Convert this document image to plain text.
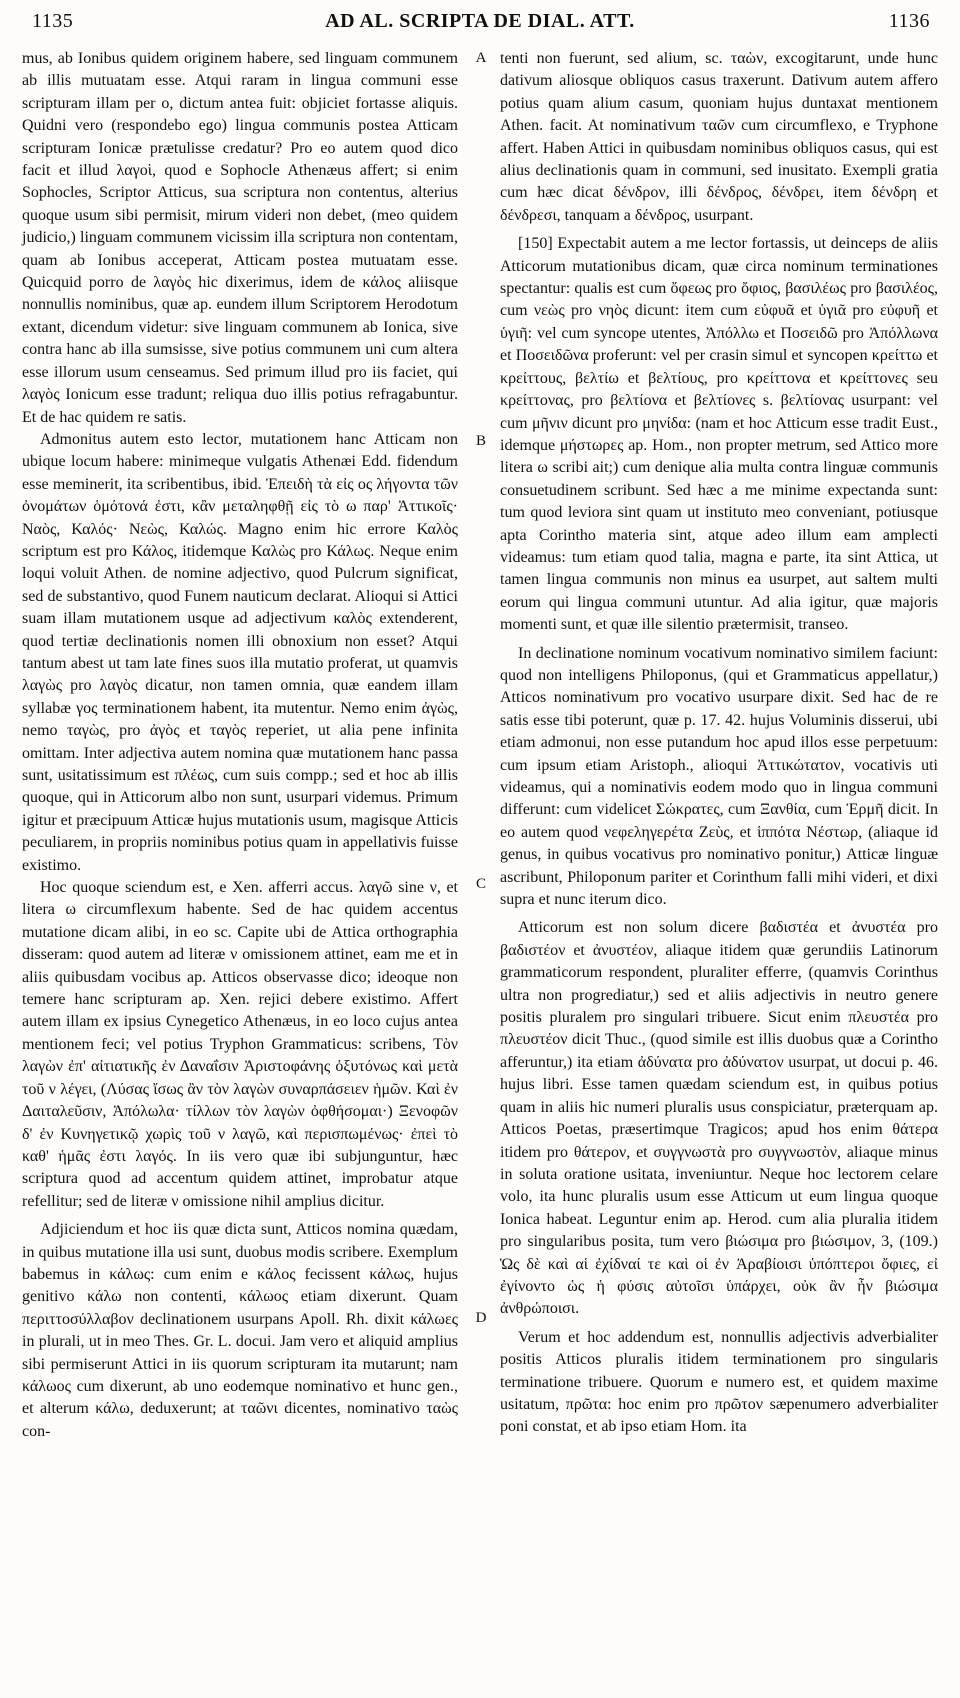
1135	AD AL. SCRIPTA DE DIAL. ATT.	1136

mus, ab Ionibus quidem originem habere, sed linguam communem ab illis mutuatam esse. Atqui raram in lingua communi esse scripturam illam per ο, dictum antea fuit: objiciet fortasse aliquis. Quidni vero (respondebo ego) lingua communis postea Atticam scripturam Ionicæ prætulisse credatur? Pro eo autem quod dico facit et illud λαγοὶ, quod e Sophocle Athenæus affert; si enim Sophocles, Scriptor Atticus, sua scriptura non contentus, alterius quoque usum sibi permisit, mirum videri non debet, (meo quidem judicio,) linguam communem vicissim illa scriptura non contentam, quam ab Ionibus acceperat, Atticam postea mutuatam esse. Quicquid porro de λαγὸς hic dixerimus, idem de κάλος aliisque nonnullis nominibus, quæ ap. eundem illum Scriptorem Herodotum extant, dicendum videtur: sive linguam communem ab Ionica, sive contra hanc ab illa sumsisse, sive potius communem uni cum altera esse illorum usum censeamus. Sed primum illud pro iis faciet, qui λαγὸς Ionicum esse tradunt; reliqua duo illis potius refragabuntur. Et de hac quidem re satis.

Admonitus autem esto lector, mutationem hanc Atticam non ubique locum habere: minimeque vulgatis Athenæi Edd. fidendum esse meminerit, ita scribentibus, ibid. Ἐπειδὴ τὰ εἰς ος λήγοντα τῶν ὀνομάτων ὁμότονά ἐστι, κἂν μεταληφθῇ εἰς τὸ ω παρ' Ἀττικοῖς· Ναὸς, Καλός· Νεὼς, Καλώς. Magno enim hic errore Καλὸς scriptum est pro Κάλος, itidemque Καλὼς pro Κάλως. Neque enim loqui voluit Athen. de nomine adjectivo, quod Pulcrum significat, sed de substantivo, quod Funem nauticum declarat. Alioqui si Attici suam illam mutationem usque ad adjectivum καλὸς extenderent, quod tertiæ declinationis nomen illi obnoxium non esset? Atqui tantum abest ut tam late fines suos illa mutatio proferat, ut quamvis λαγὼς pro λαγὸς dicatur, non tamen omnia, quæ eandem illam syllabæ γος terminationem habent, ita mutentur. Nemo enim ἀγὼς, nemo ταγὼς, pro ἀγὸς et ταγὸς reperiet, ut alia pene infinita omittam. Inter adjectiva autem nomina quæ mutationem hanc passa sunt, usitatissimum est πλέως, cum suis compp.; sed et hoc ab illis quoque, qui in Atticorum albo non sunt, usurpari videmus. Primum igitur et præcipuum Atticæ hujus mutationis usum, magisque Atticis peculiarem, in propriis nominibus potius quam in appellativis fuisse existimo.

Hoc quoque sciendum est, e Xen. afferri accus. λαγῶ sine ν, et litera ω circumflexum habente. Sed de hac quidem accentus mutatione dicam alibi, in eo sc. Capite ubi de Attica orthographia disseram: quod autem ad literæ ν omissionem attinet, eam me et in aliis quibusdam vocibus ap. Atticos observasse dico; ideoque non temere hanc scripturam ap. Xen. rejici debere existimo. Affert autem illam ex ipsius Cynegetico Athenæus, in eo loco cujus antea mentionem feci; vel potius Tryphon Grammaticus: scribens, Τὸν λαγὼν ἐπ' αἰτιατικῆς ἐν Δαναΐσιν Ἀριστοφάνης ὀξυτόνως καὶ μετὰ τοῦ ν λέγει, (Λύσας ἴσως ἂν τὸν λαγὼν συναρπάσειεν ἡμῶν. Καὶ ἐν Δαιταλεῦσιν, Ἀπόλωλα· τίλλων τὸν λαγὼν ὀφθήσομαι·) Ξενοφῶν δ' ἐν Κυνηγετικῷ χωρὶς τοῦ ν λαγῶ, καὶ περισπωμένως· ἐπεὶ τὸ καθ' ἡμᾶς ἐστι λαγός. In iis vero quæ ibi subjunguntur, hæc scriptura quod ad accentum quidem attinet, improbatur atque refellitur; sed de literæ ν omissione nihil amplius dicitur.

Adjiciendum et hoc iis quæ dicta sunt, Atticos nomina quædam, in quibus mutatione illa usi sunt, duobus modis scribere. Exemplum babemus in κάλως: cum enim e κάλος fecissent κάλως, hujus genitivo κάλω non contenti, κάλωος etiam dixerunt. Quam περιττοσύλλαβον declinationem usurpans Apoll. Rh. dixit κάλωες in plurali, ut in meo Thes. Gr. L. docui. Jam vero et aliquid amplius sibi permiserunt Attici in iis quorum scripturam ita mutarunt; nam κάλωος cum dixerunt, ab uno eodemque nominativo et hunc gen., et alterum κάλω, deduxerunt; at ταῶνι dicentes, nominativo ταὼς con-

A
B
C
D

tenti non fuerunt, sed alium, sc. ταὼν, excogitarunt, unde hunc dativum aliosque obliquos casus traxerunt. Dativum autem affero potius quam alium casum, quoniam hujus duntaxat mentionem Athen. facit. At nominativum ταῶν cum circumflexo, e Tryphone affert. Haben Attici in quibusdam nominibus obliquos casus, qui est alius declinationis quam in communi, sed inusitato. Exempli gratia cum hæc dicat δένδρον, illi δένδρος, δένδρει, item δένδρη et δένδρεσι, tanquam a δένδρος, usurpant.

[150] Expectabit autem a me lector fortassis, ut deinceps de aliis Atticorum mutationibus dicam, quæ circa nominum terminationes spectantur: qualis est cum ὄφεως pro ὄφιος, βασιλέως pro βασιλέος, cum νεὼς pro νηὸς dicunt: item cum εὐφυᾶ et ὑγιᾶ pro εὐφυῆ et ὑγιῆ: vel cum syncope utentes, Ἀπόλλω et Ποσειδῶ pro Ἀπόλλωνα et Ποσειδῶνα proferunt: vel per crasin simul et syncopen κρείττω et κρείττους, βελτίω et βελτίους, pro κρείττονα et κρείττονες seu κρείττονας, pro βελτίονα et βελτίονες s. βελτίονας usurpant: vel cum μῆνιν dicunt pro μηνίδα: (nam et hoc Atticum esse tradit Eust., idemque μήστωρες ap. Hom., non propter metrum, sed Attico more litera ω scribi ait;) cum denique alia multa contra linguæ communis consuetudinem scribunt. Sed hæc a me minime expectanda sunt: tum quod leviora sint quam ut instituto meo conveniant, potiusque apta Corintho materia sint, atque adeo illum eam amplecti videamus: tum etiam quod talia, magna e parte, ita sint Attica, ut tamen lingua communis non minus ea usurpet, aut saltem multi eorum qui lingua communi utuntur. Ad alia igitur, quæ majoris momenti sunt, et quæ ille silentio prætermisit, transeo.

In declinatione nominum vocativum nominativo similem faciunt: quod non intelligens Philoponus, (qui et Grammaticus appellatur,) Atticos nominativum pro vocativo usurpare dixit. Sed hac de re satis esse tibi poterunt, quæ p. 17. 42. hujus Voluminis disserui, ubi etiam admonui, non esse putandum hoc apud illos esse perpetuum: cum ipsum etiam Aristoph., alioqui Ἀττικώτατον, vocativis uti videamus, qui a nominativis eodem modo quo in lingua communi differunt: cum videlicet Σώκρατες, cum Ξανθία, cum Ἑρμῆ dicit. In eo autem quod νεφεληγερέτα Ζεὺς, et ἱππότα Νέστωρ, (aliaque id genus, in quibus vocativus pro nominativo ponitur,) Atticæ linguæ ascribunt, Philoponum pariter et Corinthum falli mihi videri, et dixi supra et nunc iterum dico.

Atticorum est non solum dicere βαδιστέα et ἀνυστέα pro βαδιστέον et ἀνυστέον, aliaque itidem quæ gerundiis Latinorum grammaticorum respondent, pluraliter efferre, (quamvis Corinthus ultra non progrediatur,) sed et aliis adjectivis in neutro genere positis pluralem pro singulari tribuere. Sicut enim πλευστέα pro πλευστέον dicit Thuc., (quod simile est illis duobus quæ a Corintho afferuntur,) ita etiam ἀδύνατα pro ἀδύνατον usurpat, ut docui p. 46. hujus libri. Esse tamen quædam sciendum est, in quibus potius quam in aliis hic numeri pluralis usus conspiciatur, præterquam ap. Atticos Poetas, præsertimque Tragicos; apud hos enim θάτερα itidem pro θάτερον, et συγγνωστὰ pro συγγνωστὸν, aliaque minus in soluta oratione usitata, inveniuntur. Neque hoc lectorem celare volo, ita hunc pluralis usum esse Atticum ut eum lingua quoque Ionica habeat. Leguntur enim ap. Herod. cum alia pluralia itidem pro singularibus posita, tum vero βιώσιμα pro βιώσιμον, 3, (109.) Ὡς δὲ καὶ αἱ ἐχίδναί τε καὶ οἱ ἐν Ἀραβίοισι ὑπόπτεροι ὄφιες, εἰ ἐγίνοντο ὡς ἡ φύσις αὐτοῖσι ὑπάρχει, οὐκ ἂν ἦν βιώσιμα ἀνθρώποισι.

Verum et hoc addendum est, nonnullis adjectivis adverbialiter positis Atticos pluralis itidem terminationem pro singularis terminatione tribuere. Quorum e numero est, et quidem maxime usitatum, πρῶτα: hoc enim pro πρῶτον sæpenumero adverbialiter poni constat, et ab ipso etiam Hom. ita
